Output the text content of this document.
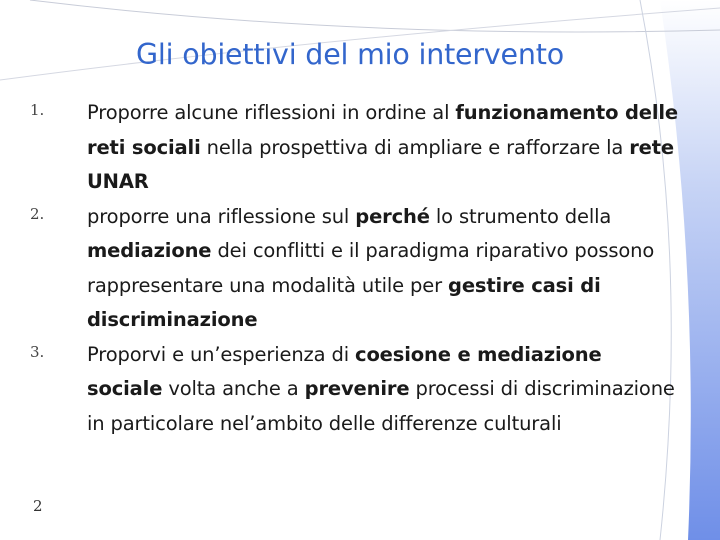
Gli obiettivi del mio intervento
1. Proporre alcune riflessioni in ordine al funzionamento delle reti sociali nella prospettiva di ampliare e rafforzare la rete UNAR
2. proporre una riflessione sul perché lo strumento della mediazione dei conflitti e il paradigma riparativo possono rappresentare una modalità utile per gestire casi di discriminazione
3. Proporvi e un’esperienza di coesione e mediazione sociale volta anche a prevenire processi di discriminazione in particolare nel’ambito delle differenze culturali
2
